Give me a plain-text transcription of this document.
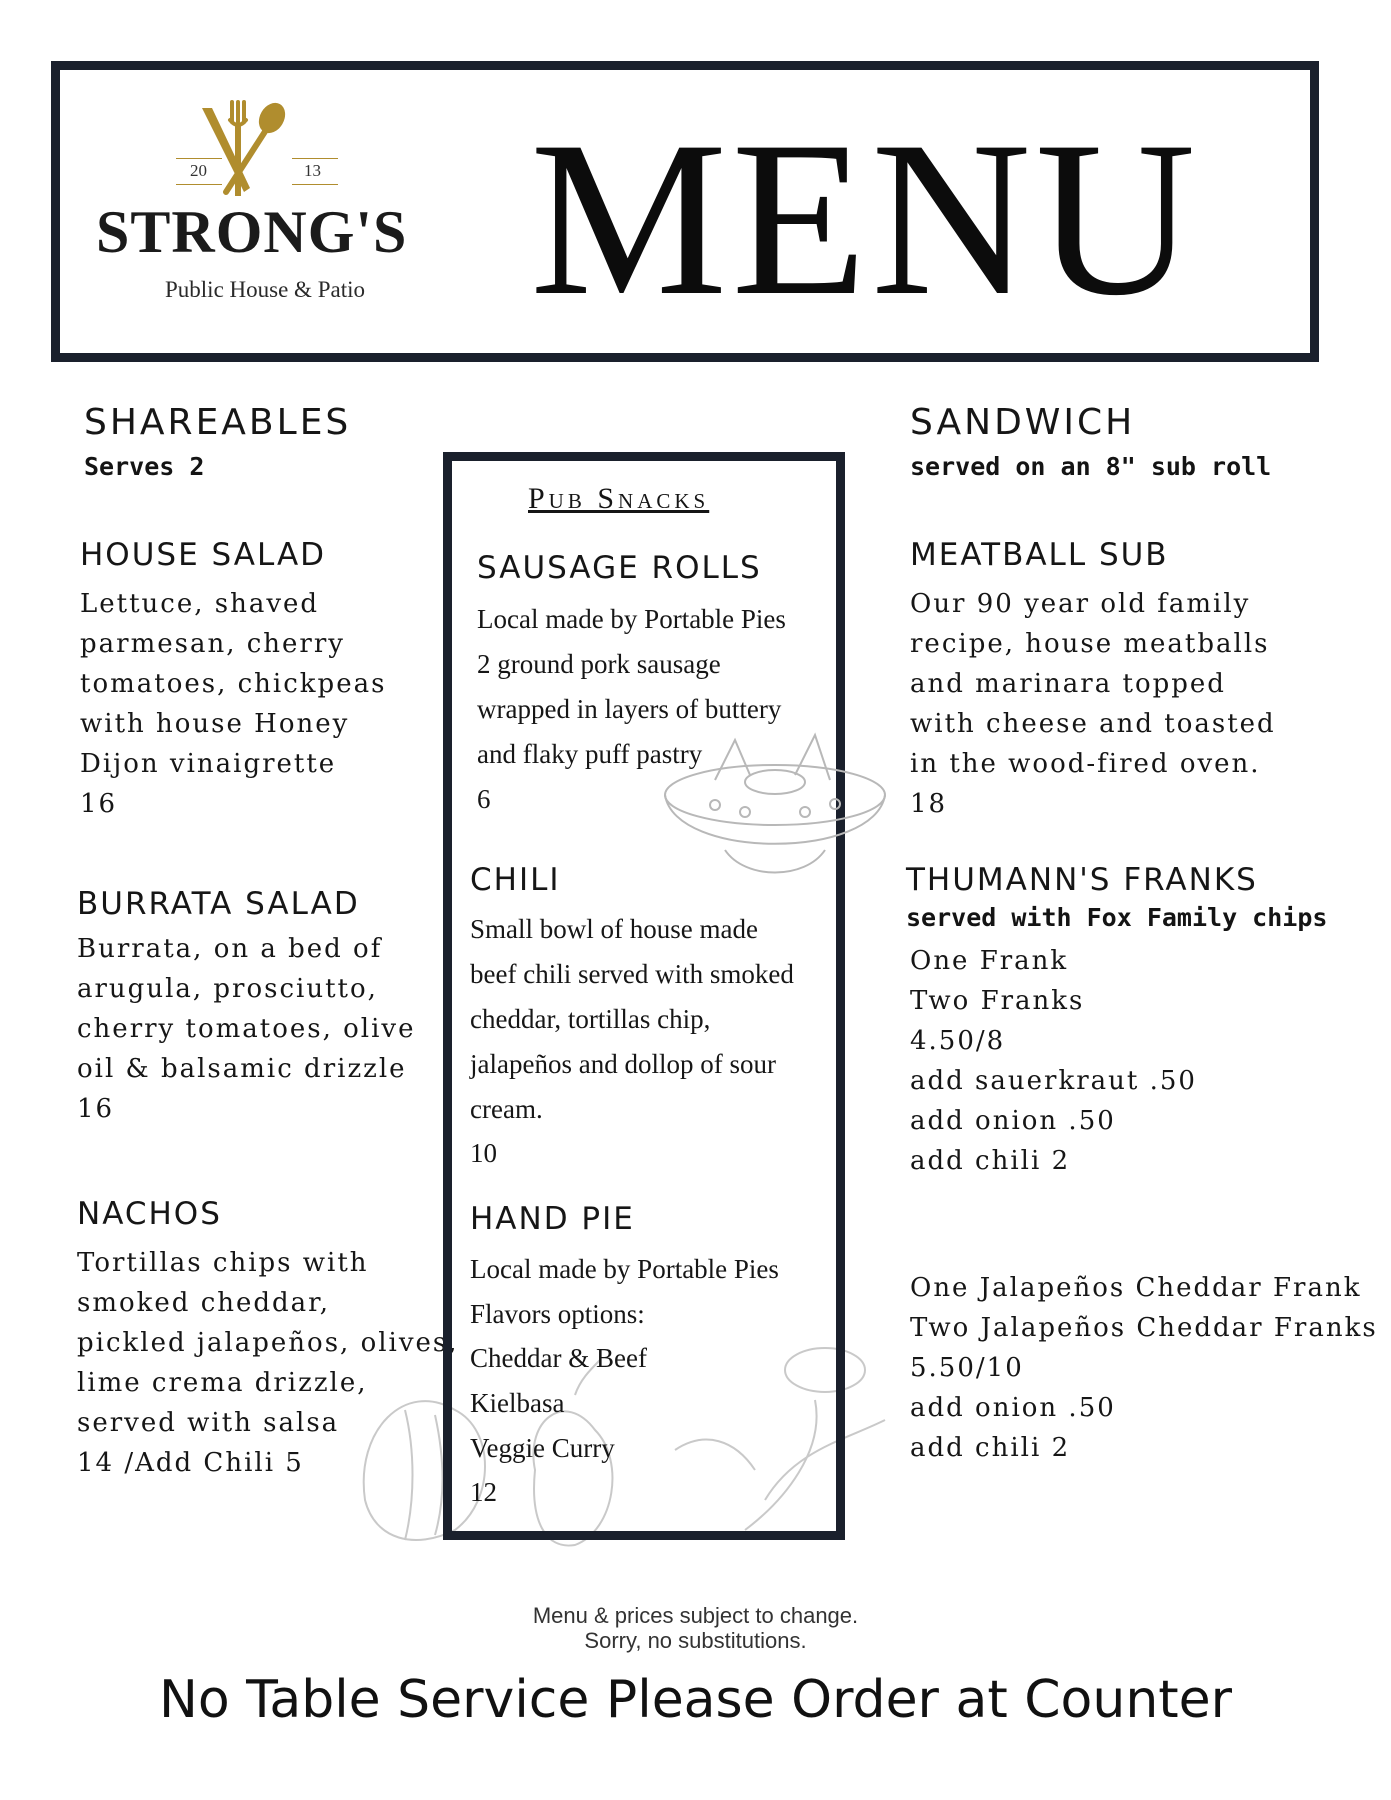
20	13
STRONG'S
Public House & Patio MENU
SHAREABLES
Serves 2
HOUSE SALAD
Lettuce, shaved
parmesan, cherry
tomatoes, chickpeas
with house Honey
Dijon vinaigrette
16
BURRATA SALAD
Burrata, on a bed of
arugula, prosciutto,
cherry tomatoes, olive
oil & balsamic drizzle
16
NACHOS
Tortillas chips with
smoked cheddar,
pickled jalapeños, olives,
lime crema drizzle,
served with salsa
14 /Add Chili 5
Pub Snacks
SAUSAGE ROLLS
Local made by Portable Pies
2 ground pork sausage
wrapped in layers of buttery
and flaky puff pastry
6
CHILI
Small bowl of house made
beef chili served with smoked
cheddar, tortillas chip,
jalapeños and dollop of sour
cream.
10
HAND PIE
Local made by Portable Pies
Flavors options:
Cheddar & Beef
Kielbasa
Veggie Curry
12
SANDWICH
served on an 8" sub roll
MEATBALL SUB
Our 90 year old family
recipe, house meatballs
and marinara topped
with cheese and toasted
in the wood-fired oven.
18
THUMANN'S FRANKS
served with Fox Family chips
One Frank
Two Franks
4.50/8
add sauerkraut .50
add onion .50
add chili 2
One Jalapeños Cheddar Frank
Two Jalapeños Cheddar Franks
5.50/10
add onion .50
add chili 2
Menu & prices subject to change.
Sorry, no substitutions.
No Table Service Please Order at Counter
